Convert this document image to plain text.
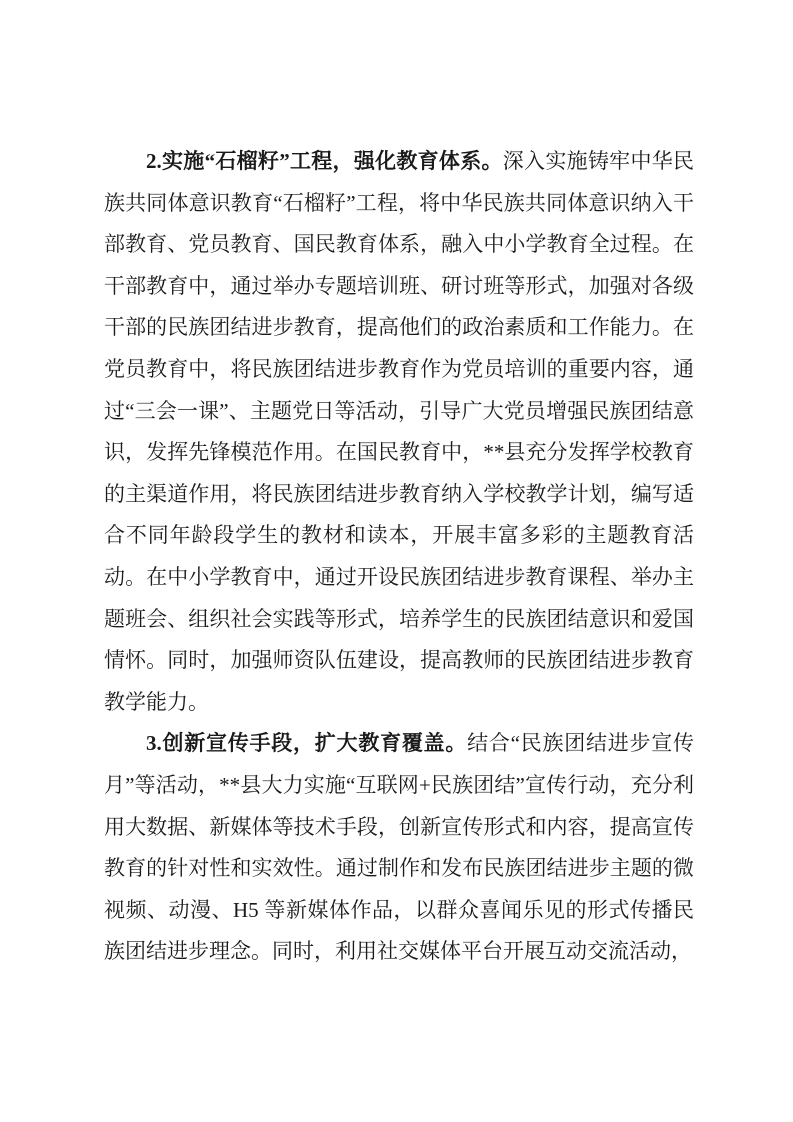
2.实施“石榴籽”工程，强化教育体系。深入实施铸牢中华民族共同体意识教育“石榴籽”工程，将中华民族共同体意识纳入干部教育、党员教育、国民教育体系，融入中小学教育全过程。在干部教育中，通过举办专题培训班、研讨班等形式，加强对各级干部的民族团结进步教育，提高他们的政治素质和工作能力。在党员教育中，将民族团结进步教育作为党员培训的重要内容，通过“三会一课”、主题党日等活动，引导广大党员增强民族团结意识，发挥先锋模范作用。在国民教育中，**县充分发挥学校教育的主渠道作用，将民族团结进步教育纳入学校教学计划，编写适合不同年龄段学生的教材和读本，开展丰富多彩的主题教育活动。在中小学教育中，通过开设民族团结进步教育课程、举办主题班会、组织社会实践等形式，培养学生的民族团结意识和爱国情怀。同时，加强师资队伍建设，提高教师的民族团结进步教育教学能力。

3.创新宣传手段，扩大教育覆盖。结合“民族团结进步宣传月”等活动，**县大力实施“互联网+民族团结”宣传行动，充分利用大数据、新媒体等技术手段，创新宣传形式和内容，提高宣传教育的针对性和实效性。通过制作和发布民族团结进步主题的微视频、动漫、H5 等新媒体作品，以群众喜闻乐见的形式传播民族团结进步理念。同时，利用社交媒体平台开展互动交流活动，
